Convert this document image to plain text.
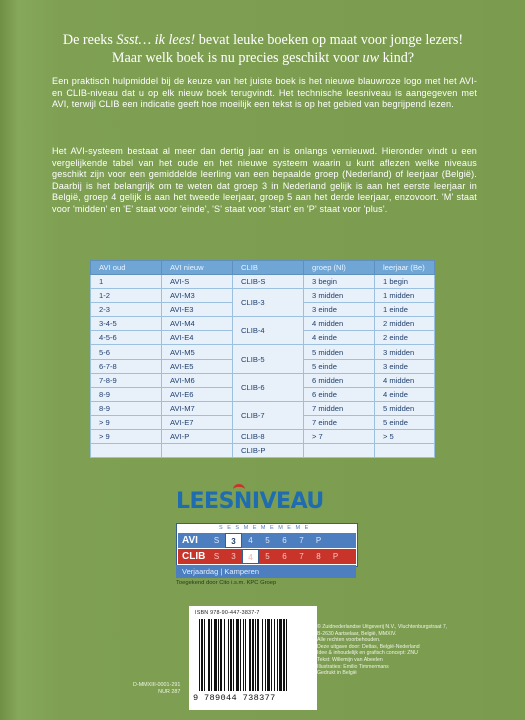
De reeks Ssst… ik lees! bevat leuke boeken op maat voor jonge lezers!
Maar welk boek is nu precies geschikt voor uw kind?
Een praktisch hulpmiddel bij de keuze van het juiste boek is het nieuwe blauwroze logo met het AVI- en CLIB-niveau dat u op elk nieuw boek terugvindt. Het technische leesniveau is aangegeven met AVI, terwijl CLIB een indicatie geeft hoe moeilijk een tekst is op het gebied van begrijpend lezen.
Het AVI-systeem bestaat al meer dan dertig jaar en is onlangs vernieuwd. Hieronder vindt u een vergelijkende tabel van het oude en het nieuwe systeem waarin u kunt aflezen welke niveaus geschikt zijn voor een gemiddelde leerling van een bepaalde groep (Nederland) of leerjaar (België). Daarbij is het belangrijk om te weten dat groep 3 in Nederland gelijk is aan het eerste leerjaar in België, groep 4 gelijk is aan het tweede leerjaar, groep 5 aan het derde leerjaar, enzovoort. 'M' staat voor 'midden' en 'E' staat voor 'einde', 'S' staat voor 'start' en 'P' staat voor 'plus'.
AVI oud	AVI nieuw	CLIB	groep (Nl)	leerjaar (Be)
1	AVI-S	CLIB-S	3 begin	1 begin
1-2	AVI-M3	CLIB-3	3 midden	1 midden
2-3	AVI-E3		3 einde	1 einde
3-4-5	AVI-M4	CLIB-4	4 midden	2 midden
4-5-6	AVI-E4		4 einde	2 einde
5-6	AVI-M5	CLIB-5	5 midden	3 midden
6-7-8	AVI-E5		5 einde	3 einde
7-8-9	AVI-M6	CLIB-6	6 midden	4 midden
8-9	AVI-E6		6 einde	4 einde
8-9	AVI-M7	CLIB-7	7 midden	5 midden
> 9	AVI-E7		7 einde	5 einde
> 9	AVI-P	CLIB-8	> 7	> 5
		CLIB-P		
LEESNIVEAU
S E S M E M E M E M E
AVI	S	3	4	5	6	7	P
CLIB	S	3	4	5	6	7	8	P
Verjaardag | Kamperen
Toegekend door Cito i.s.m. KPC Groep
ISBN 978-90-447-3837-7
9 789044 738377
D-MMXIII-0001-291
NUR 287
© Zuidnederlandse Uitgeverij N.V., Vluchtenburgstraat 7,
B-2630 Aartselaar, België, MMXIV.
Alle rechten voorbehouden.
Deze uitgave door: Deltas, België-Nederland
Idee & inhoudelijk en grafisch concept: ZNU
Tekst: Willemijn van Abeelen
Illustraties: Emilio Timmermans
Gedrukt in België
